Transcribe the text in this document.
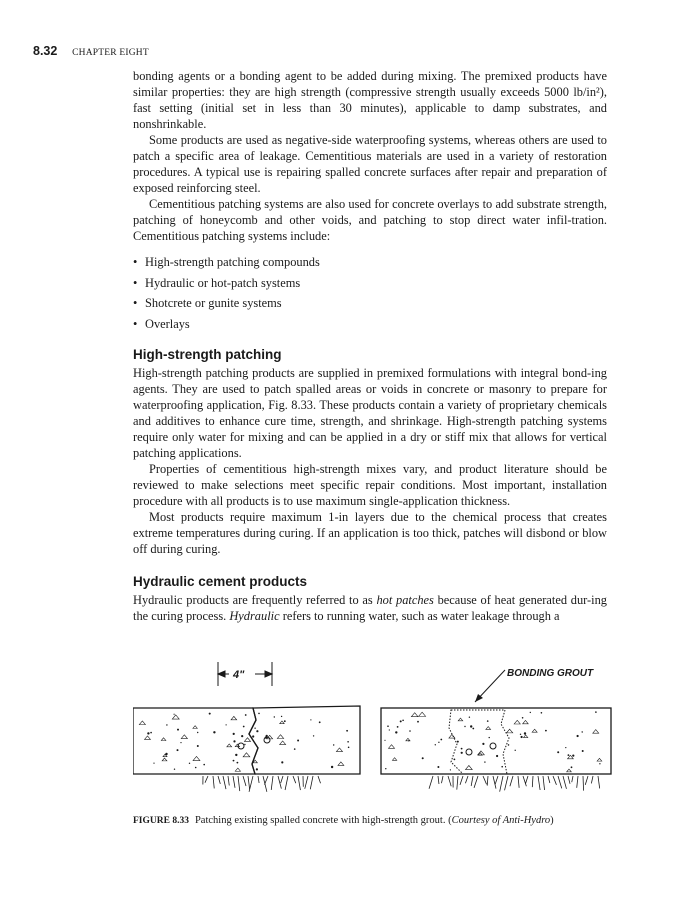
8.32 CHAPTER EIGHT

bonding agents or a bonding agent to be added during mixing. The premixed products have similar properties: they are high strength (compressive strength usually exceeds 5000 lb/in²), fast setting (initial set in less than 30 minutes), applicable to damp substrates, and nonshrinkable.

Some products are used as negative-side waterproofing systems, whereas others are used to patch a specific area of leakage. Cementitious materials are used in a variety of restoration procedures. A typical use is repairing spalled concrete surfaces after repair and preparation of exposed reinforcing steel.

Cementitious patching systems are also used for concrete overlays to add substrate strength, patching of honeycomb and other voids, and patching to stop direct water infil-tration. Cementitious patching systems include:

• High-strength patching compounds
• Hydraulic or hot-patch systems
• Shotcrete or gunite systems
• Overlays
High-strength patching

High-strength patching products are supplied in premixed formulations with integral bond-ing agents. They are used to patch spalled areas or voids in concrete or masonry to prepare for waterproofing application, Fig. 8.33. These products contain a variety of proprietary chemicals and additives to enhance cure time, strength, and shrinkage. High-strength patching systems require only water for mixing and can be applied in a dry or stiff mix that allows for vertical patching applications.

Properties of cementitious high-strength mixes vary, and product literature should be reviewed to make selections meet specific repair conditions. Most important, installation procedure with all products is to use maximum single-application thickness.

Most products require maximum 1-in layers due to the chemical process that creates extreme temperatures during curing. If an application is too thick, patches will disbond or blow off during curing.

Hydraulic cement products

Hydraulic products are frequently referred to as hot patches because of heat generated dur-ing the curing process. Hydraulic refers to running water, such as water leakage through a

4"	BONDING GROUT
FIGURE 8.33 Patching existing spalled concrete with high-strength grout. (Courtesy of Anti-Hydro)
